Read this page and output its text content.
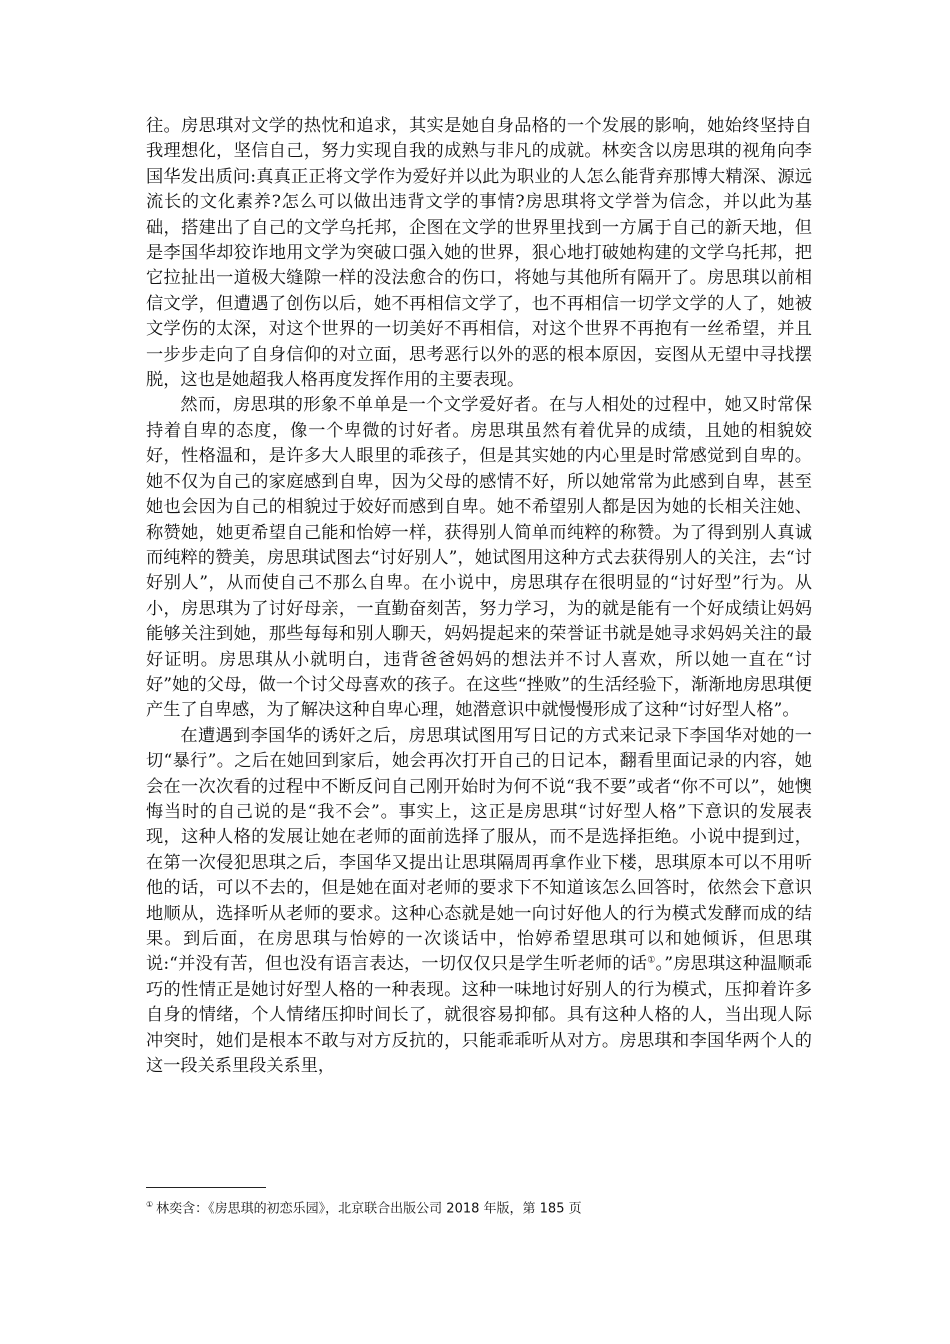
往。房思琪对文学的热忱和追求，其实是她自身品格的一个发展的影响，她始终坚持自我理想化，坚信自己，努力实现自我的成熟与非凡的成就。林奕含以房思琪的视角向李国华发出质问:真真正正将文学作为爱好并以此为职业的人怎么能背弃那博大精深、源远流长的文化素养?怎么可以做出违背文学的事情?房思琪将文学誉为信念，并以此为基础，搭建出了自己的文学乌托邦，企图在文学的世界里找到一方属于自己的新天地，但是李国华却狡诈地用文学为突破口强入她的世界，狠心地打破她构建的文学乌托邦，把它拉扯出一道极大缝隙一样的没法愈合的伤口，将她与其他所有隔开了。房思琪以前相信文学，但遭遇了创伤以后，她不再相信文学了，也不再相信一切学文学的人了，她被文学伤的太深，对这个世界的一切美好不再相信，对这个世界不再抱有一丝希望，并且一步步走向了自身信仰的对立面，思考恶行以外的恶的根本原因，妄图从无望中寻找摆脱，这也是她超我人格再度发挥作用的主要表现。

然而，房思琪的形象不单单是一个文学爱好者。在与人相处的过程中，她又时常保持着自卑的态度，像一个卑微的讨好者。房思琪虽然有着优异的成绩，且她的相貌姣好，性格温和，是许多大人眼里的乖孩子，但是其实她的内心里是时常感觉到自卑的。她不仅为自己的家庭感到自卑，因为父母的感情不好，所以她常常为此感到自卑，甚至她也会因为自己的相貌过于姣好而感到自卑。她不希望别人都是因为她的长相关注她、称赞她，她更希望自己能和怡婷一样，获得别人简单而纯粹的称赞。为了得到别人真诚而纯粹的赞美，房思琪试图去“讨好别人”，她试图用这种方式去获得别人的关注，去“讨好别人”，从而使自己不那么自卑。在小说中，房思琪存在很明显的“讨好型”行为。从小，房思琪为了讨好母亲，一直勤奋刻苦，努力学习，为的就是能有一个好成绩让妈妈能够关注到她，那些每每和别人聊天，妈妈提起来的荣誉证书就是她寻求妈妈关注的最好证明。房思琪从小就明白，违背爸爸妈妈的想法并不讨人喜欢，所以她一直在“讨好”她的父母，做一个讨父母喜欢的孩子。在这些“挫败”的生活经验下，渐渐地房思琪便产生了自卑感，为了解决这种自卑心理，她潜意识中就慢慢形成了这种“讨好型人格”。

在遭遇到李国华的诱奸之后，房思琪试图用写日记的方式来记录下李国华对她的一切“暴行”。之后在她回到家后，她会再次打开自己的日记本，翻看里面记录的内容，她会在一次次看的过程中不断反问自己刚开始时为何不说“我不要”或者“你不可以”，她懊悔当时的自己说的是“我不会”。事实上，这正是房思琪“讨好型人格”下意识的发展表现，这种人格的发展让她在老师的面前选择了服从，而不是选择拒绝。小说中提到过，在第一次侵犯思琪之后，李国华又提出让思琪隔周再拿作业下楼，思琪原本可以不用听他的话，可以不去的，但是她在面对老师的要求下不知道该怎么回答时，依然会下意识地顺从，选择听从老师的要求。这种心态就是她一向讨好他人的行为模式发酵而成的结果。到后面，在房思琪与怡婷的一次谈话中，怡婷希望思琪可以和她倾诉，但思琪说:“并没有苦，但也没有语言表达，一切仅仅只是学生听老师的话①。”房思琪这种温顺乖巧的性情正是她讨好型人格的一种表现。这种一味地讨好别人的行为模式，压抑着许多自身的情绪，个人情绪压抑时间长了，就很容易抑郁。具有这种人格的人，当出现人际冲突时，她们是根本不敢与对方反抗的，只能乖乖听从对方。房思琪和李国华两个人的这一段关系里段关系里，

① 林奕含：《房思琪的初恋乐园》，北京联合出版公司 2018 年版，第 185 页
